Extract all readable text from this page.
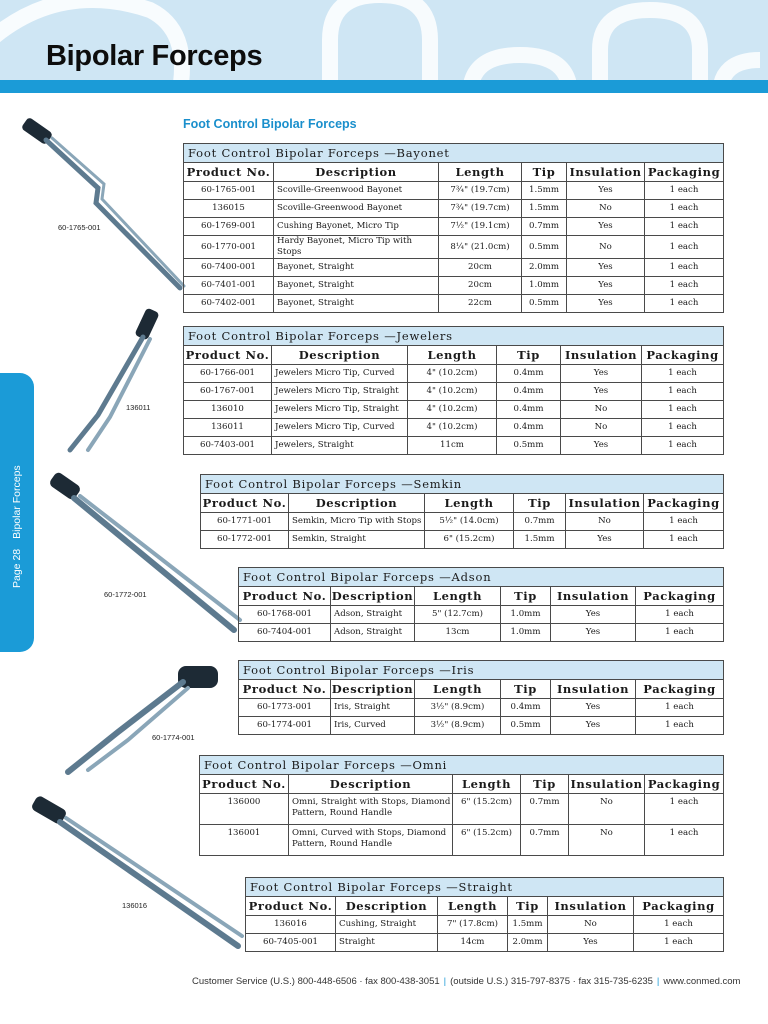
Bipolar Forceps
Page 28
Bipolar Forceps
Foot Control Bipolar Forceps
60-1765-001
136011
60-1772-001
60-1774-001
136016
Foot Control Bipolar Forceps —Bayonet					
Product No.	Description	Length	Tip	Insulation	Packaging
60-1765-001	Scoville-Greenwood Bayonet	7¾" (19.7cm)	1.5mm	Yes	1 each
136015	Scoville-Greenwood Bayonet	7¾" (19.7cm)	1.5mm	No	1 each
60-1769-001	Cushing Bayonet, Micro Tip	7½" (19.1cm)	0.7mm	Yes	1 each
60-1770-001	Hardy Bayonet, Micro Tip with Stops	8¼" (21.0cm)	0.5mm	No	1 each
60-7400-001	Bayonet, Straight	20cm	2.0mm	Yes	1 each
60-7401-001	Bayonet, Straight	20cm	1.0mm	Yes	1 each
60-7402-001	Bayonet, Straight	22cm	0.5mm	Yes	1 each
Foot Control Bipolar Forceps —Jewelers					
Product No.	Description	Length	Tip	Insulation	Packaging
60-1766-001	Jewelers Micro Tip, Curved	4" (10.2cm)	0.4mm	Yes	1 each
60-1767-001	Jewelers Micro Tip, Straight	4" (10.2cm)	0.4mm	Yes	1 each
136010	Jewelers Micro Tip, Straight	4" (10.2cm)	0.4mm	No	1 each
136011	Jewelers Micro Tip, Curved	4" (10.2cm)	0.4mm	No	1 each
60-7403-001	Jewelers, Straight	11cm	0.5mm	Yes	1 each
Foot Control Bipolar Forceps —Semkin					
Product No.	Description	Length	Tip	Insulation	Packaging
60-1771-001	Semkin, Micro Tip with Stops	5½" (14.0cm)	0.7mm	No	1 each
60-1772-001	Semkin, Straight	6" (15.2cm)	1.5mm	Yes	1 each
Foot Control Bipolar Forceps —Adson					
Product No.	Description	Length	Tip	Insulation	Packaging
60-1768-001	Adson, Straight	5" (12.7cm)	1.0mm	Yes	1 each
60-7404-001	Adson, Straight	13cm	1.0mm	Yes	1 each
Foot Control Bipolar Forceps —Iris					
Product No.	Description	Length	Tip	Insulation	Packaging
60-1773-001	Iris, Straight	3½" (8.9cm)	0.4mm	Yes	1 each
60-1774-001	Iris, Curved	3½" (8.9cm)	0.5mm	Yes	1 each
Foot Control Bipolar Forceps —Omni					
Product No.	Description	Length	Tip	Insulation	Packaging
136000	Omni, Straight with Stops, Diamond Pattern, Round Handle	6" (15.2cm)	0.7mm	No	1 each
136001	Omni, Curved with Stops, Diamond Pattern, Round Handle	6" (15.2cm)	0.7mm	No	1 each
Foot Control Bipolar Forceps —Straight					
Product No.	Description	Length	Tip	Insulation	Packaging
136016	Cushing, Straight	7" (17.8cm)	1.5mm	No	1 each
60-7405-001	Straight	14cm	2.0mm	Yes	1 each
Customer Service (U.S.) 800-448-6506 · fax 800-438-3051 | (outside U.S.) 315-797-8375 · fax 315-735-6235 | www.conmed.com
